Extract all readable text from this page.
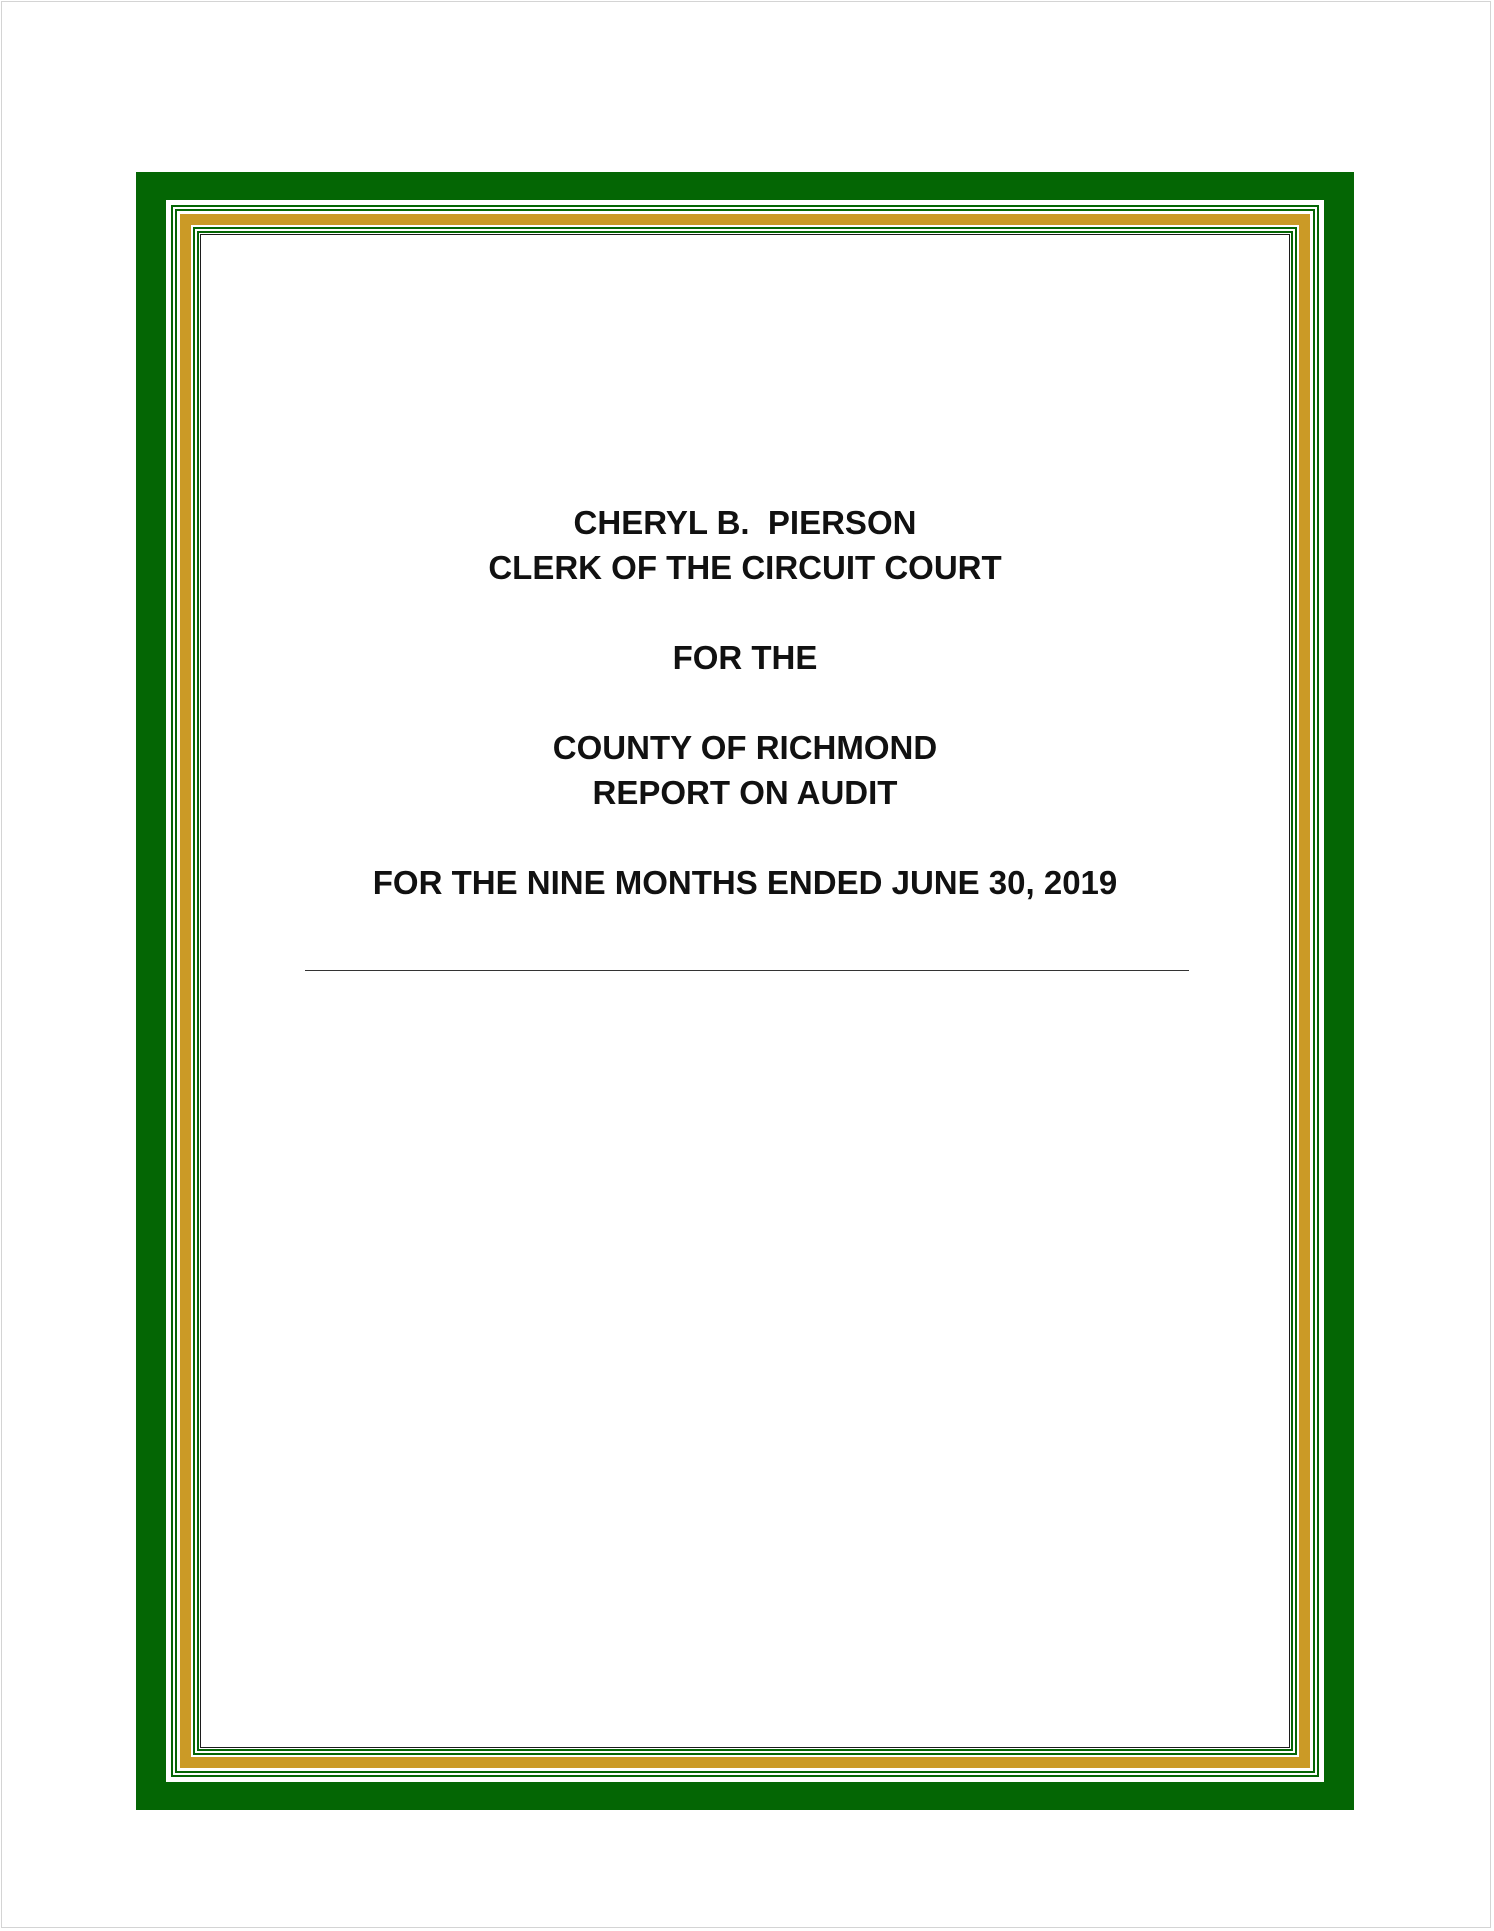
CHERYL B.  PIERSON
CLERK OF THE CIRCUIT COURT
FOR THE
COUNTY OF RICHMOND
REPORT ON AUDIT
FOR THE NINE MONTHS ENDED JUNE 30, 2019
